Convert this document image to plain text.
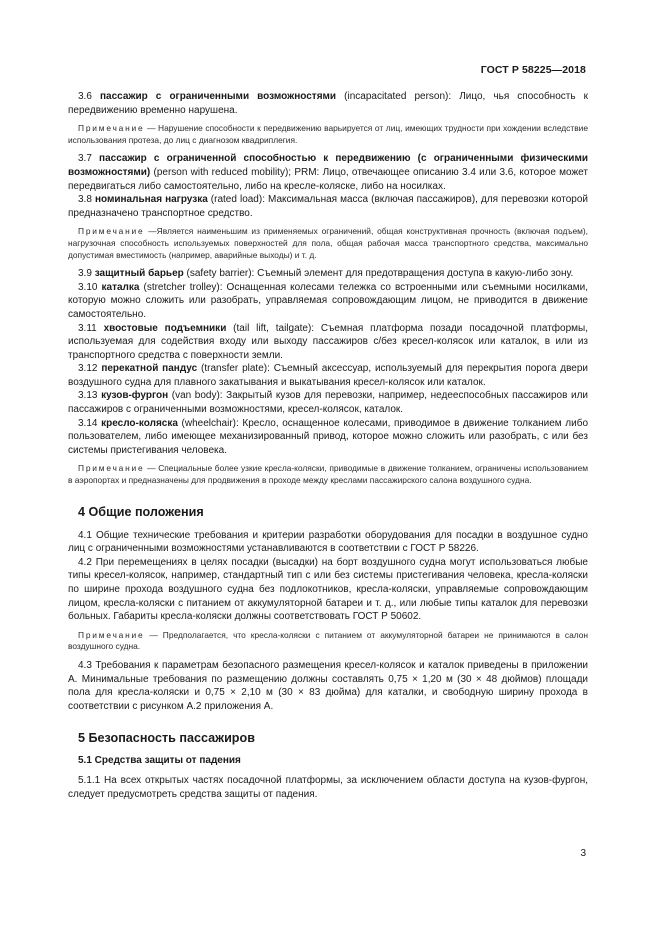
ГОСТ Р 58225—2018

3.6 пассажир с ограниченными возможностями (incapacitated person): Лицо, чья способность к передвижению временно нарушена.

Примечание — Нарушение способности к передвижению варьируется от лиц, имеющих трудности при хождении вследствие использования протеза, до лиц с диагнозом квадриплегия.

3.7 пассажир с ограниченной способностью к передвижению (с ограниченными физическими возможностями) (person with reduced mobility); PRM: Лицо, отвечающее описанию 3.4 или 3.6, которое может передвигаться либо самостоятельно, либо на кресле-коляске, либо на носилках.

3.8 номинальная нагрузка (rated load): Максимальная масса (включая пассажиров), для перевозки которой предназначено транспортное средство.

Примечание —Является наименьшим из применяемых ограничений, общая конструктивная прочность (включая подъем), нагрузочная способность используемых поверхностей для пола, общая рабочая масса транспортного средства, максимально допустимая вместимость (например, аварийные выходы) и т. д.

3.9 защитный барьер (safety barrier): Съемный элемент для предотвращения доступа в какую-либо зону.

3.10 каталка (stretcher trolley): Оснащенная колесами тележка со встроенными или съемными носилками, которую можно сложить или разобрать, управляемая сопровождающим лицом, не приводится в движение самостоятельно.

3.11 хвостовые подъемники (tail lift, tailgate): Съемная платформа позади посадочной платформы, используемая для содействия входу или выходу пассажиров с/без кресел-колясок или каталок, в или из транспортного средства с поверхности земли.

3.12 перекатной пандус (transfer plate): Съемный аксессуар, используемый для перекрытия порога двери воздушного судна для плавного закатывания и выкатывания кресел-колясок или каталок.

3.13 кузов-фургон (van body): Закрытый кузов для перевозки, например, недееспособных пассажиров или пассажиров с ограниченными возможностями, кресел-колясок, каталок.

3.14 кресло-коляска (wheelchair): Кресло, оснащенное колесами, приводимое в движение толканием либо пользователем, либо имеющее механизированный привод, которое можно сложить или разобрать, с или без системы пристегивания человека.

Примечание — Специальные более узкие кресла-коляски, приводимые в движение толканием, ограничены использованием в аэропортах и предназначены для продвижения в проходе между креслами пассажирского салона воздушного судна.

4 Общие положения

4.1 Общие технические требования и критерии разработки оборудования для посадки в воздушное судно лиц с ограниченными возможностями устанавливаются в соответствии с ГОСТ Р 58226.

4.2 При перемещениях в целях посадки (высадки) на борт воздушного судна могут использоваться любые типы кресел-колясок, например, стандартный тип с или без системы пристегивания человека, кресла-коляски по ширине прохода воздушного судна без подлокотников, кресла-коляски, управляемые сопровождающим лицом, кресла-коляски с питанием от аккумуляторной батареи и т. д., или любые типы каталок для перевозки больных. Габариты кресла-коляски должны соответствовать ГОСТ Р 50602.

Примечание — Предполагается, что кресла-коляски с питанием от аккумуляторной батареи не принимаются в салон воздушного судна.

4.3 Требования к параметрам безопасного размещения кресел-колясок и каталок приведены в приложении А. Минимальные требования по размещению должны составлять 0,75 × 1,20 м (30 × 48 дюймов) площади пола для кресла-коляски и 0,75 × 2,10 м (30 × 83 дюйма) для каталки, и свободную ширину прохода в соответствии с рисунком А.2 приложения А.

5 Безопасность пассажиров
5.1 Средства защиты от падения

5.1.1 На всех открытых частях посадочной платформы, за исключением области доступа на кузов-фургон, следует предусмотреть средства защиты от падения.

3
